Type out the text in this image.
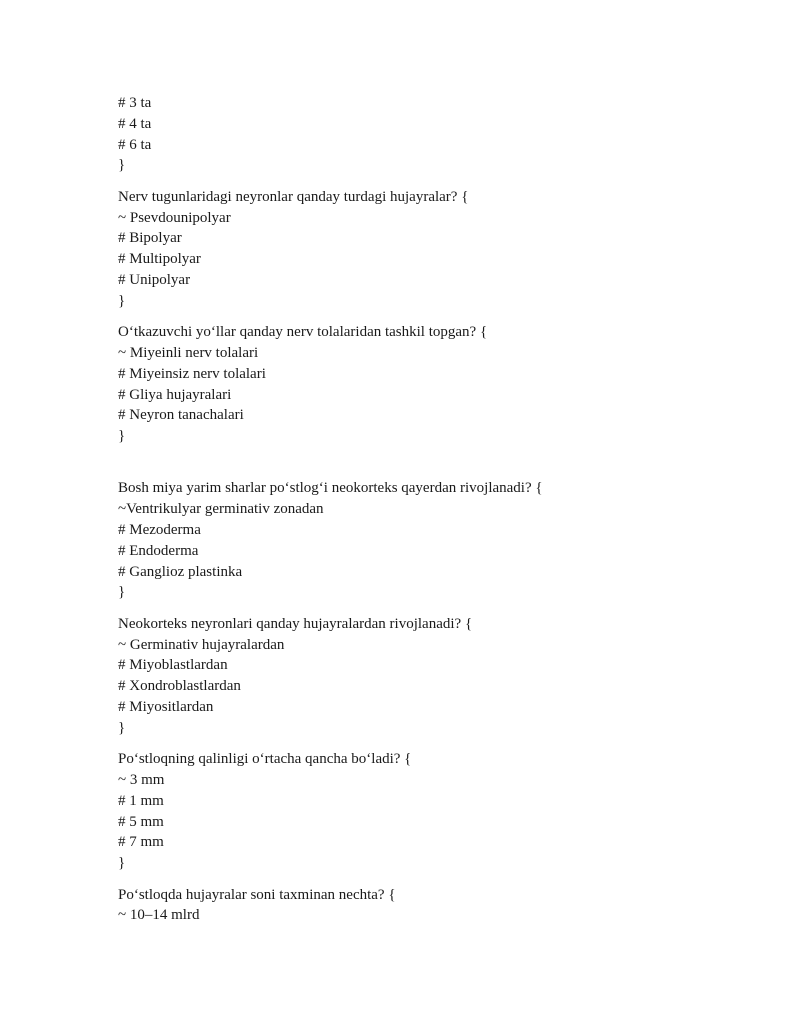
# 3 ta
# 4 ta
# 6 ta
}
Nerv tugunlaridagi neyronlar qanday turdagi hujayralar? {
~ Psevdounipolyar
# Bipolyar
# Multipolyar
# Unipolyar
}
O‘tkazuvchi yo‘llar qanday nerv tolalaridan tashkil topgan? {
~ Miyeinli nerv tolalari
# Miyeinsiz nerv tolalari
# Gliya hujayralari
# Neyron tanachalari
}
Bosh miya yarim sharlar po‘stlog‘i neokorteks qayerdan rivojlanadi? {
~Ventrikulyar germinativ zonadan
# Mezoderma
# Endoderma
# Ganglioz plastinka
}
Neokorteks neyronlari qanday hujayralardan rivojlanadi? {
~ Germinativ hujayralardan
# Miyoblastlardan
# Xondroblastlardan
# Miyositlardan
}
Po‘stloqning qalinligi o‘rtacha qancha bo‘ladi? {
~ 3 mm
# 1 mm
# 5 mm
# 7 mm
}
Po‘stloqda hujayralar soni taxminan nechta? {
~ 10–14 mlrd
